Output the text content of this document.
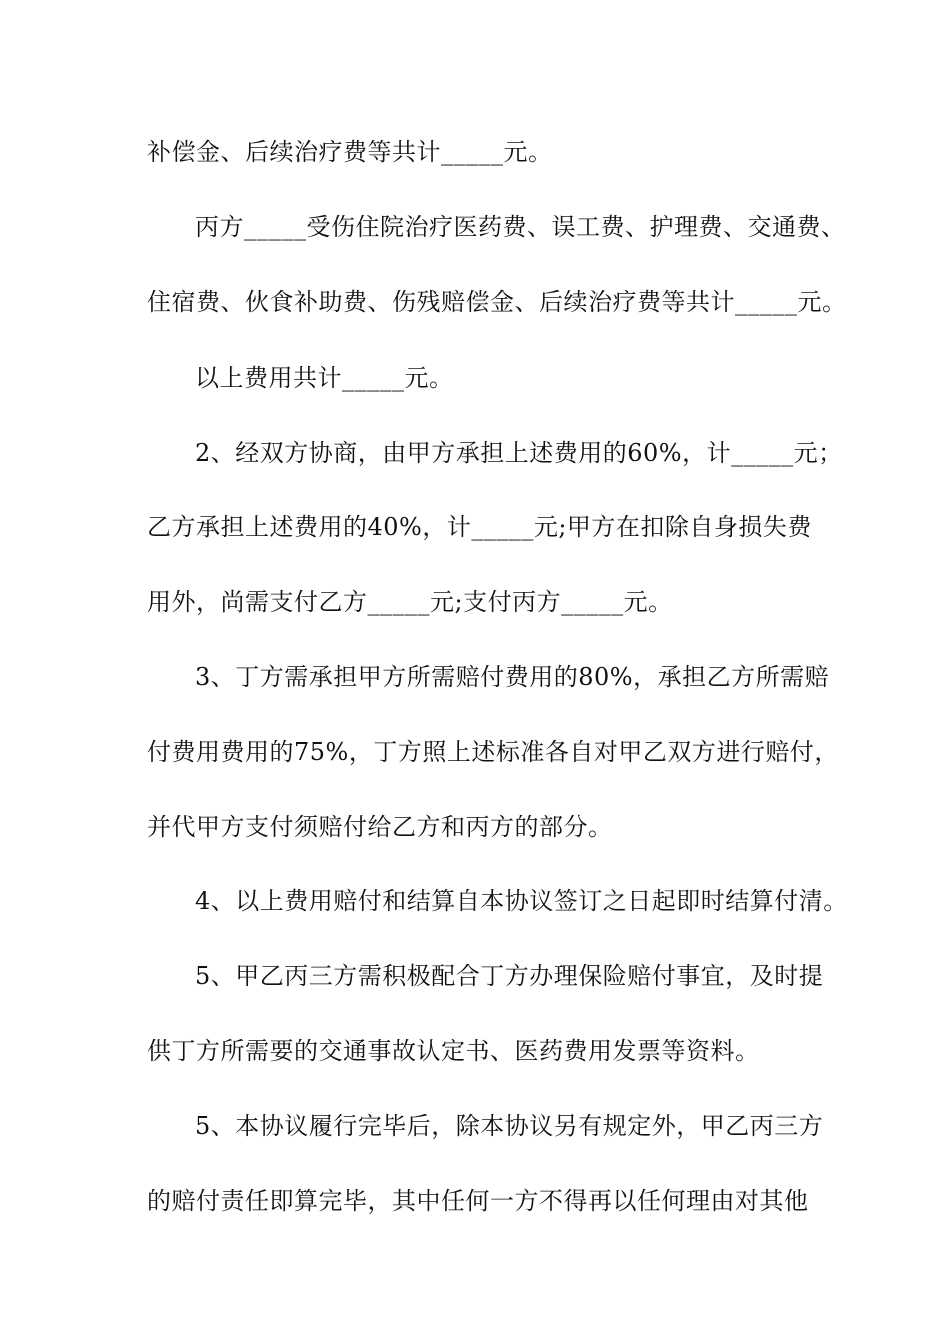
补偿金、后续治疗费等共计_____元。
丙方_____受伤住院治疗医药费、误工费、护理费、交通费、
住宿费、伙食补助费、伤残赔偿金、后续治疗费等共计_____元。
以上费用共计_____元。
2、经双方协商，由甲方承担上述费用的60%，计_____元；
乙方承担上述费用的40%，计_____元;甲方在扣除自身损失费
用外，尚需支付乙方_____元;支付丙方_____元。
3、丁方需承担甲方所需赔付费用的80%，承担乙方所需赔
付费用费用的75%，丁方照上述标准各自对甲乙双方进行赔付，
并代甲方支付须赔付给乙方和丙方的部分。
4、以上费用赔付和结算自本协议签订之日起即时结算付清。
5、甲乙丙三方需积极配合丁方办理保险赔付事宜，及时提
供丁方所需要的交通事故认定书、医药费用发票等资料。
5、本协议履行完毕后，除本协议另有规定外，甲乙丙三方
的赔付责任即算完毕，其中任何一方不得再以任何理由对其他
